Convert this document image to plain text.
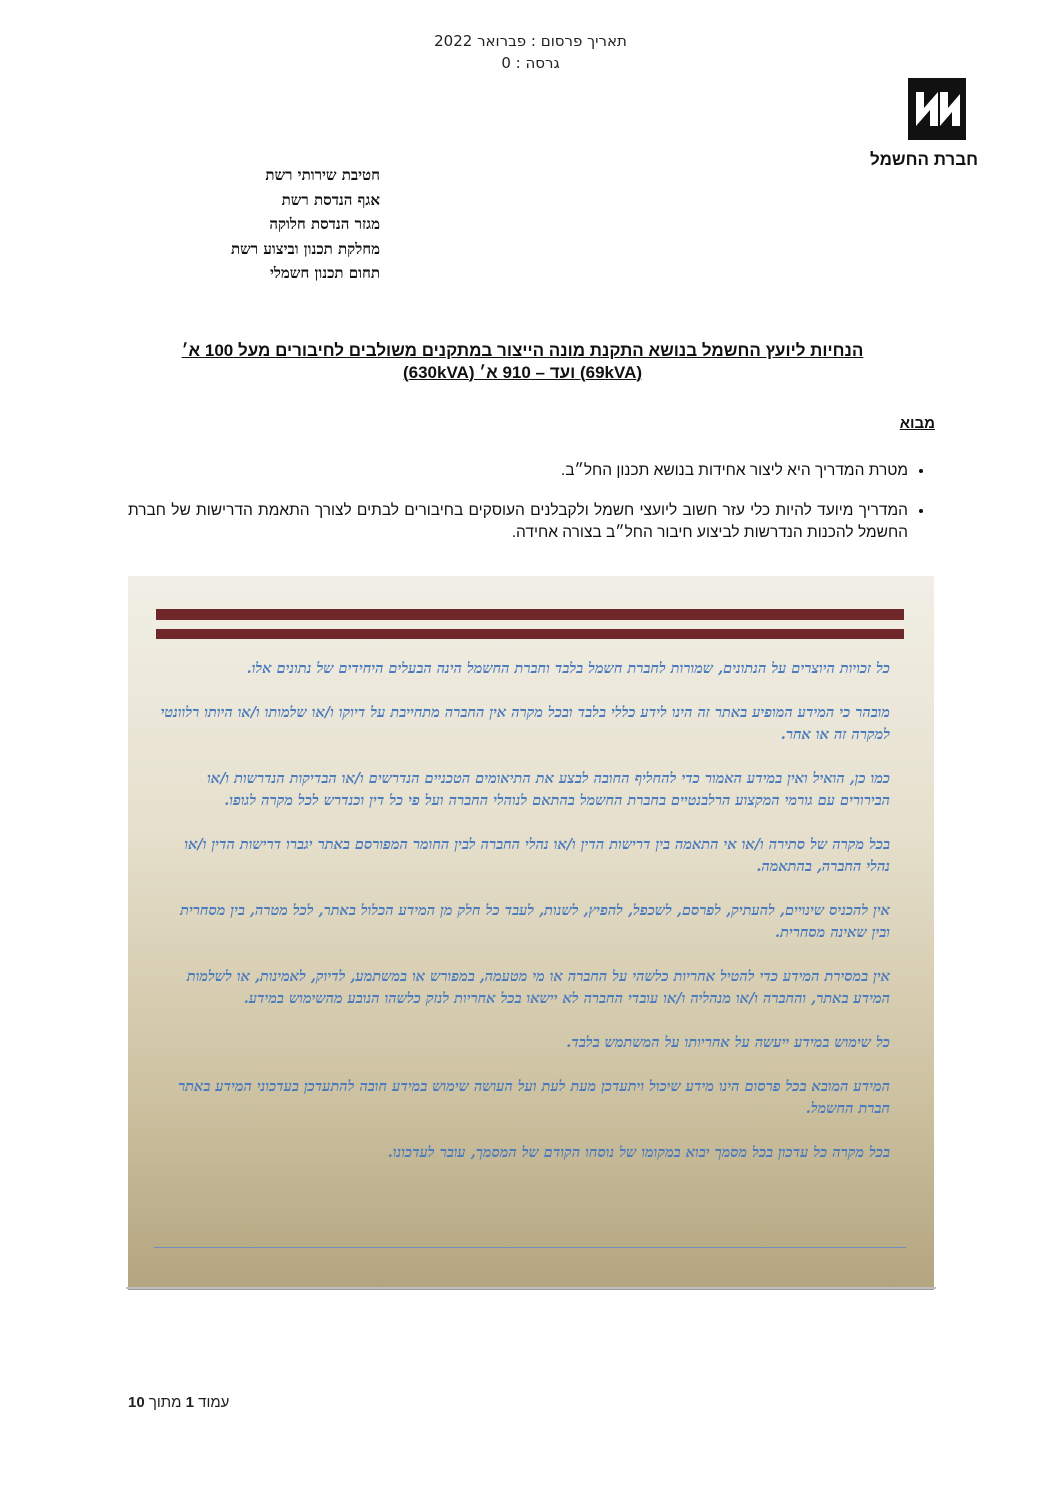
תאריך פרסום : פברואר 2022
גרסה : 0
חברת החשמל
חטיבת שירותי רשת
אגף הנדסת רשת
מגזר הנדסת חלוקה
מחלקת תכנון וביצוע רשת
תחום תכנון חשמלי
הנחיות ליועץ החשמל בנושא התקנת מונה הייצור במתקנים משולבים לחיבורים מעל 100 א׳
(69kVA) ועד – 910 א׳ (630kVA)
מבוא
• מטרת המדריך היא ליצור אחידות בנושא תכנון החל״ב.
• המדריך מיועד להיות כלי עזר חשוב ליועצי חשמל ולקבלנים העוסקים בחיבורים לבתים לצורך התאמת הדרישות של חברת החשמל להכנות הנדרשות לביצוע חיבור החל״ב בצורה אחידה.

כל זכויות היוצרים על הנתונים, שמורות לחברת חשמל בלבד וחברת החשמל הינה הבעלים היחידים של נתונים אלו.

מובהר כי המידע המופיע באתר זה הינו לידע כללי בלבד ובכל מקרה אין החברה מתחייבת על דיוקו ו/או שלמותו ו/או היותו רלוונטי למקרה זה או אחר.

כמו כן, הואיל ואין במידע האמור כדי להחליף החובה לבצע את התיאומים הטכניים הנדרשים ו/או הבדיקות הנדרשות ו/או הבירורים עם גורמי המקצוע הרלבנטיים בחברת החשמל בהתאם לנוהלי החברה ועל פי כל דין וכנדרש לכל מקרה לגופו.

בכל מקרה של סתירה ו/או אי התאמה בין דרישות הדין ו/או נהלי החברה לבין החומר המפורסם באתר יגברו דרישות הדין ו/או נהלי החברה, בהתאמה.

אין להכניס שינויים, להעתיק, לפרסם, לשכפל, להפיץ, לשנות, לעבד כל חלק מן המידע הכלול באתר, לכל מטרה, בין מסחרית ובין שאינה מסחרית.

אין במסירת המידע כדי להטיל אחריות כלשהי על החברה או מי מטעמה, במפורש או במשתמע, לדיוק, לאמינות, או לשלמות המידע באתר, והחברה ו/או מנהליה ו/או עובדי החברה לא יישאו בכל אחריות לנזק כלשהו הנובע מהשימוש במידע.

כל שימוש במידע ייעשה על אחריותו על המשתמש בלבד.

המידע המובא בכל פרסום הינו מידע שיכול ויתעדכן מעת לעת ועל העושה שימוש במידע חובה להתעדכן בעדכוני המידע באתר חברת החשמל.

בכל מקרה כל עדכון בכל מסמך יבוא במקומו של נוסחו הקודם של המסמך, עובר לעדכונו.

עמוד 1 מתוך 10
